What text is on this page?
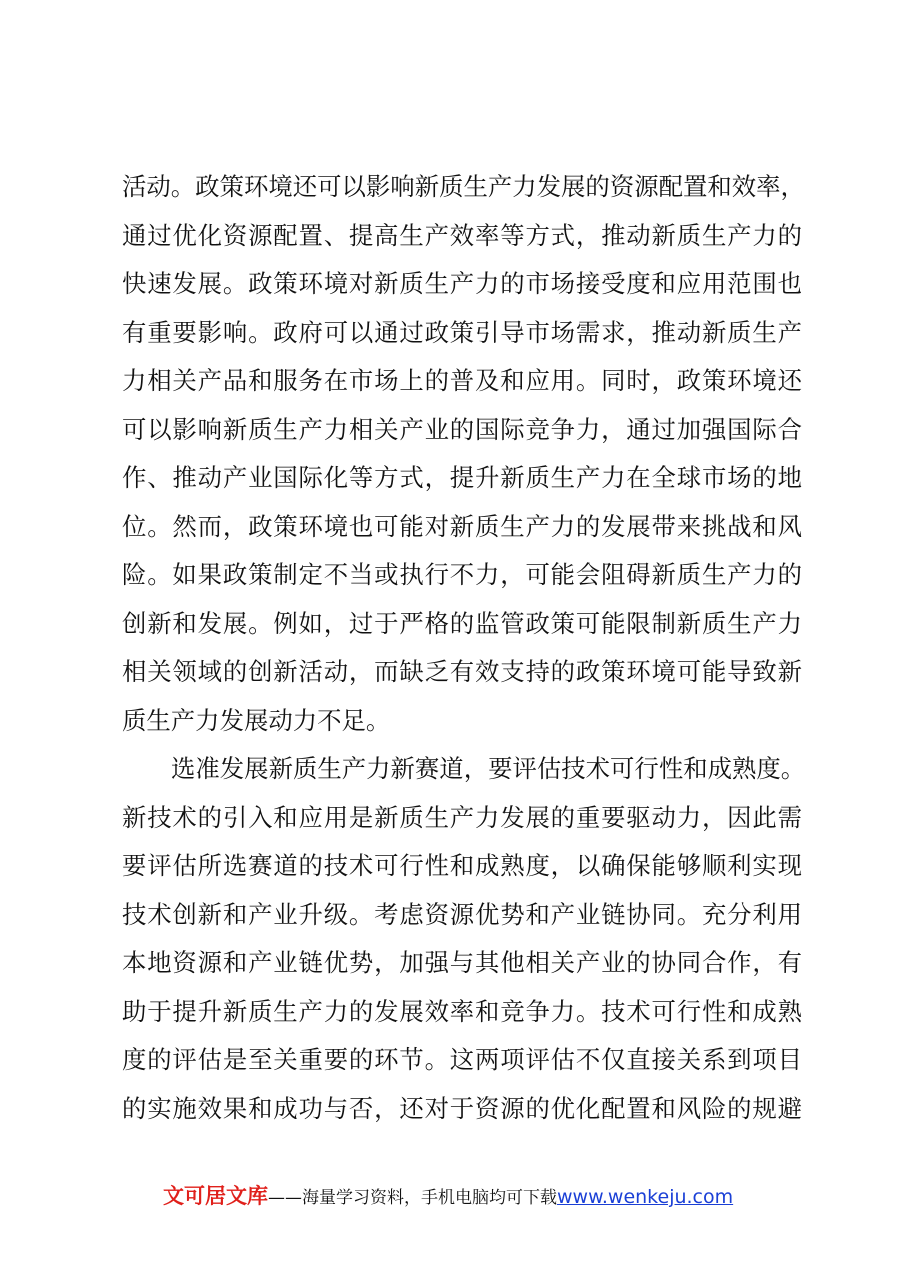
活动。政策环境还可以影响新质生产力发展的资源配置和效率，
通过优化资源配置、提高生产效率等方式，推动新质生产力的
快速发展。政策环境对新质生产力的市场接受度和应用范围也
有重要影响。政府可以通过政策引导市场需求，推动新质生产
力相关产品和服务在市场上的普及和应用。同时，政策环境还
可以影响新质生产力相关产业的国际竞争力，通过加强国际合
作、推动产业国际化等方式，提升新质生产力在全球市场的地
位。然而，政策环境也可能对新质生产力的发展带来挑战和风
险。如果政策制定不当或执行不力，可能会阻碍新质生产力的
创新和发展。例如，过于严格的监管政策可能限制新质生产力
相关领域的创新活动，而缺乏有效支持的政策环境可能导致新
质生产力发展动力不足。
选准发展新质生产力新赛道，要评估技术可行性和成熟度。
新技术的引入和应用是新质生产力发展的重要驱动力，因此需
要评估所选赛道的技术可行性和成熟度，以确保能够顺利实现
技术创新和产业升级。考虑资源优势和产业链协同。充分利用
本地资源和产业链优势，加强与其他相关产业的协同合作，有
助于提升新质生产力的发展效率和竞争力。技术可行性和成熟
度的评估是至关重要的环节。这两项评估不仅直接关系到项目
的实施效果和成功与否，还对于资源的优化配置和风险的规避
文可居文库——海量学习资料，手机电脑均可下载www.wenkeju.com
